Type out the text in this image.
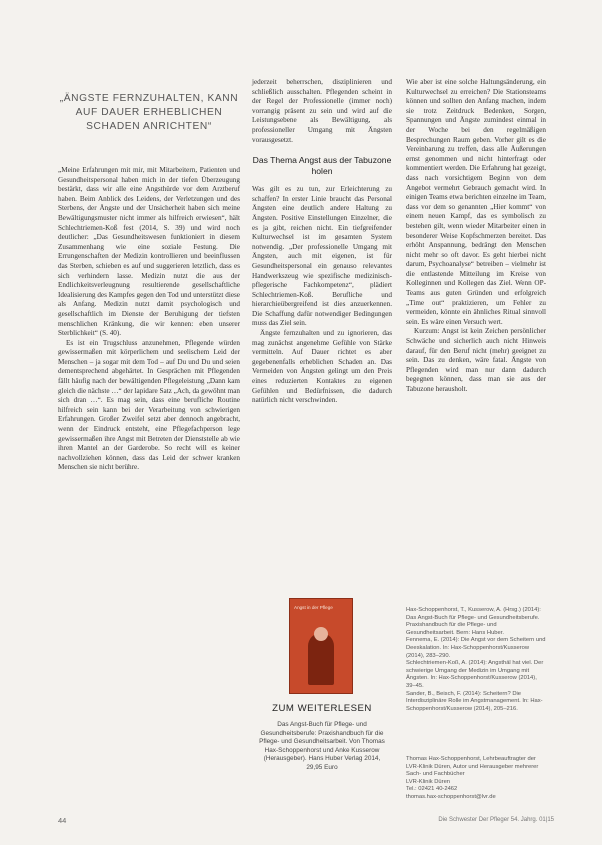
„ÄNGSTE FERNZUHALTEN, KANN AUF DAUER ERHEBLICHEN SCHADEN ANRICHTEN“

„Meine Erfahrungen mit mir, mit Mitarbeitern, Patienten und Gesundheitspersonal haben mich in der tiefen Überzeugung bestärkt, dass wir alle eine Angsthürde vor dem Arztberuf haben. Beim Anblick des Leidens, der Verletzungen und des Sterbens, der Ängste und der Unsicherheit haben sich meine Bewältigungsmuster nicht immer als hilfreich erwiesen“, hält Schlechtriemen-Koß fest (2014, S. 39) und wird noch deutlicher: „Das Gesundheitswesen funktioniert in diesem Zusammenhang wie eine soziale Festung. Die Errungenschaften der Medizin kontrollieren und beeinflussen das Sterben, schieben es auf und suggerieren letztlich, dass es sich verhindern lasse. Medizin nutzt die aus der Endlichkeitsverleugnung resultierende gesellschaftliche Idealisierung des Kampfes gegen den Tod und unterstützt diese als Anfang. Medizin nutzt damit psychologisch und gesellschaftlich im Dienste der Beruhigung der tiefsten menschlichen Kränkung, die wir kennen: eben unserer Sterblichkeit“ (S. 40).

Es ist ein Trugschluss anzunehmen, Pflegende würden gewissermaßen mit körperlichem und seelischem Leid der Menschen – ja sogar mit dem Tod – auf Du und Du und seien dementsprechend abgehärtet. In Gesprächen mit Pflegenden fällt häufig nach der bewältigenden Pflegeleistung „Dann kam gleich die nächste …“ der lapidare Satz „Ach, da gewöhnt man sich dran …“. Es mag sein, dass eine berufliche Routine hilfreich sein kann bei der Verarbeitung von schwierigen Erfahrungen. Großer Zweifel setzt aber dennoch angebracht, wenn der Eindruck entsteht, eine Pflegefachperson lege gewissermaßen ihre Angst mit Betreten der Dienststelle ab wie ihren Mantel an der Garderobe. So recht will es keiner nachvollziehen können, dass das Leid der schwer kranken Menschen sie nicht berühre.

jederzeit beherrschen, disziplinieren und schließlich ausschalten. Pflegenden scheint in der Regel der Professionelle (immer noch) vorrangig präsent zu sein und wird auf die Leistungsebene als Bewältigung, als professioneller Umgang mit Ängsten vorausgesetzt.

Das Thema Angst aus der Tabuzone holen

Was gilt es zu tun, zur Erleichterung zu schaffen? In erster Linie braucht das Personal Ängsten eine deutlich andere Haltung zu Ängsten. Positive Einstellungen Einzelner, die es ja gibt, reichen nicht. Ein tiefgreifender Kulturwechsel ist im gesamten System notwendig. „Der professionelle Umgang mit Ängsten, auch mit eigenen, ist für Gesundheitspersonal ein genauso relevantes Handwerkszeug wie spezifische medizinisch-pflegerische Fachkompetenz“, plädiert Schlechtriemen-Koß. Berufliche und hierarchieübergreifend ist dies anzuerkennen. Die Schaffung dafür notwendiger Bedingungen muss das Ziel sein.

Ängste fernzuhalten und zu ignorieren, das mag zunächst angenehme Gefühle von Stärke vermitteln. Auf Dauer richtet es aber gegebenenfalls erheblichen Schaden an. Das Vermeiden von Ängsten gelingt um den Preis eines reduzierten Kontaktes zu eigenen Gefühlen und Bedürfnissen, die dadurch natürlich nicht verschwinden.

Wie aber ist eine solche Haltungsänderung, ein Kulturwechsel zu erreichen? Die Stationsteams können und sollten den Anfang machen, indem sie trotz Zeitdruck Bedenken, Sorgen, Spannungen und Ängste zumindest einmal in der Woche bei den regelmäßigen Besprechungen Raum geben. Vorher gilt es die Vereinbarung zu treffen, dass alle Äußerungen ernst genommen und nicht hinterfragt oder kommentiert werden. Die Erfahrung hat gezeigt, dass nach vorsichtigem Beginn von dem Angebot vermehrt Gebrauch gemacht wird. In einigen Teams etwa berichten einzelne im Team, dass vor dem so genannten „Hier kommt“ von einem neuen Kampf, das es symbolisch zu bestehen gilt, wenn wieder Mitarbeiter einen in besonderer Weise Kopfschmerzen bereitet. Das erhöht Anspannung, bedrängt den Menschen nicht mehr so oft davor. Es geht hierbei nicht darum, Psychoanalyse“ betreiben – vielmehr ist die entlastende Mitteilung im Kreise von Kolleginnen und Kollegen das Ziel. Wenn OP-Teams aus guten Gründen und erfolgreich „Time out“ praktizieren, um Fehler zu vermeiden, könnte ein ähnliches Ritual sinnvoll sein. Es wäre einen Versuch wert.

Kurzum: Angst ist kein Zeichen persönlicher Schwäche und sicherlich auch nicht Hinweis darauf, für den Beruf nicht (mehr) geeignet zu sein. Das zu denken, wäre fatal. Ängste von Pflegenden wird man nur dann dadurch begegnen können, dass man sie aus der Tabuzone herausholt.

Angst in der Pflege
ZUM WEITERLESEN
Das Angst-Buch für Pflege- und Gesundheitsberufe: Praxishandbuch für die Pflege- und Gesundheitsarbeit. Von Thomas Hax-Schoppenhorst und Anke Kusserow (Herausgeber). Hans Huber Verlag 2014, 29,95 Euro

Hax-Schoppenhorst, T., Kusserow, A. (Hrsg.) (2014): Das Angst-Buch für Pflege- und Gesundheitsberufe. Praxishandbuch für die Pflege- und Gesundheitsarbeit. Bern: Hans Huber.

Fennema, E. (2014): Die Angst vor dem Scheitern und Deeskalation. In: Hax-Schoppenhorst/Kusserow (2014), 283–290.

Schlechtriemen-Koß, A. (2014): Angsthäl hat viel. Der schwierige Umgang der Medizin im Umgang mit Ängsten. In: Hax-Schoppenhorst/Kusserow (2014), 39–45.

Sander, B., Beisch, F. (2014): Scheitern? Die Interdisziplinäre Rolle im Angstmanagement. In: Hax-Schoppenhorst/Kusserow (2014), 205–216.

Thomas Hax-Schoppenhorst, Lehrbeauftragter der LVR-Klinik Düren, Autor und Herausgeber mehrerer Sach- und Fachbücher

LVR-Klinik Düren

Tel.: 02421 40-2462

thomas.hax-schoppenhorst@lvr.de

44	Die Schwester Der Pfleger 54. Jahrg. 01|15
